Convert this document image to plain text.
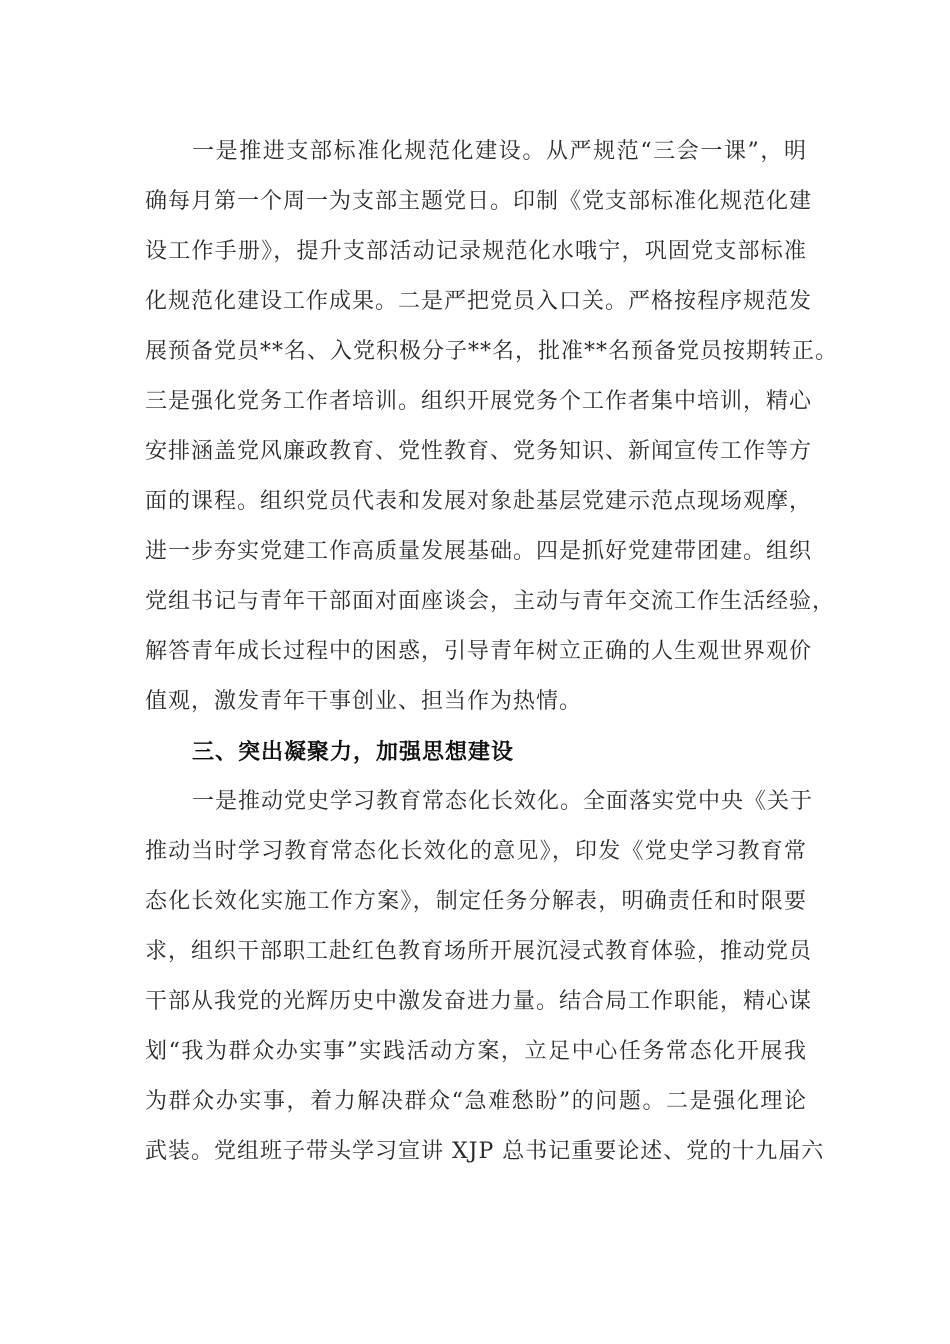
一是推进支部标准化规范化建设。从严规范“三会一课”，明
确每月第一个周一为支部主题党日。印制《党支部标准化规范化建
设工作手册》，提升支部活动记录规范化水哦宁，巩固党支部标准
化规范化建设工作成果。二是严把党员入口关。严格按程序规范发
展预备党员**名、入党积极分子**名，批准**名预备党员按期转正。
三是强化党务工作者培训。组织开展党务个工作者集中培训，精心
安排涵盖党风廉政教育、党性教育、党务知识、新闻宣传工作等方
面的课程。组织党员代表和发展对象赴基层党建示范点现场观摩，
进一步夯实党建工作高质量发展基础。四是抓好党建带团建。组织
党组书记与青年干部面对面座谈会，主动与青年交流工作生活经验，
解答青年成长过程中的困惑，引导青年树立正确的人生观世界观价
值观，激发青年干事创业、担当作为热情。
三、突出凝聚力，加强思想建设
一是推动党史学习教育常态化长效化。全面落实党中央《关于
推动当时学习教育常态化长效化的意见》，印发《党史学习教育常
态化长效化实施工作方案》，制定任务分解表，明确责任和时限要
求，组织干部职工赴红色教育场所开展沉浸式教育体验，推动党员
干部从我党的光辉历史中激发奋进力量。结合局工作职能，精心谋
划“我为群众办实事”实践活动方案，立足中心任务常态化开展我
为群众办实事，着力解决群众“急难愁盼”的问题。二是强化理论
武装。党组班子带头学习宣讲 XJP 总书记重要论述、党的十九届六
